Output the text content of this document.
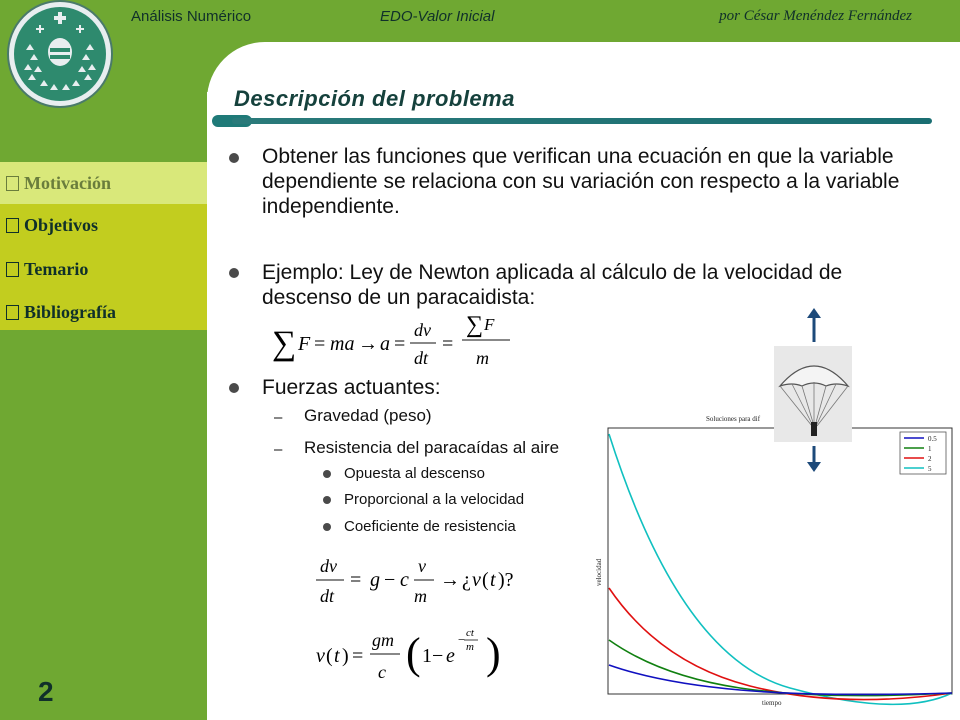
Análisis Numérico	EDO-Valor Inicial	por César Menéndez Fernández
Motivación
Objetivos
Temario
Bibliografía
2
Descripción del problema
Obtener las funciones que verifican una ecuación en que la variable dependiente se relaciona con su variación con respecto a la variable independiente.
Ejemplo: Ley de Newton aplicada al cálculo de la velocidad de descenso de un paracaidista:
∑ F = ma → a =
dv
dt
=
∑ F
m
Fuerzas actuantes:
– Gravedad (peso)
– Resistencia del paracaídas al aire
Opuesta al descenso
Proporcional a la velocidad
Coeficiente de resistencia
Soluciones para dif
velocidad
tiempo
0.5
1
2
5
dv
dt
= g − c
v
m
→ ¿ v ( t )?
v ( t ) =
gm
c ( 1− e
− ct
m )
